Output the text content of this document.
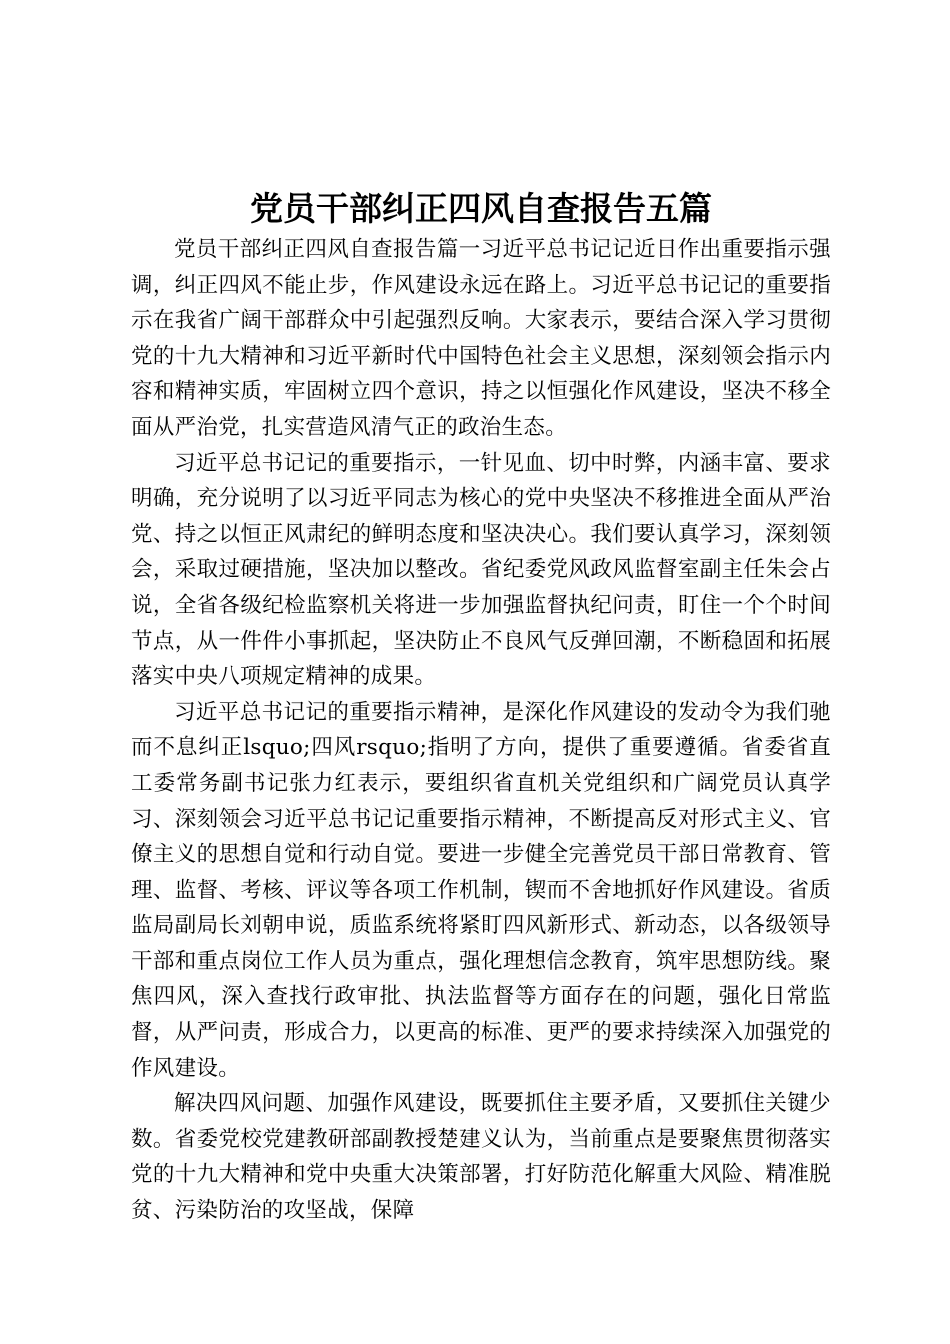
党员干部纠正四风自查报告五篇

党员干部纠正四风自查报告篇一习近平总书记记近日作出重要指示强调，纠正四风不能止步，作风建设永远在路上。习近平总书记记的重要指示在我省广阔干部群众中引起强烈反响。大家表示，要结合深入学习贯彻党的十九大精神和习近平新时代中国特色社会主义思想，深刻领会指示内容和精神实质，牢固树立四个意识，持之以恒强化作风建设，坚决不移全面从严治党，扎实营造风清气正的政治生态。

习近平总书记记的重要指示，一针见血、切中时弊，内涵丰富、要求明确，充分说明了以习近平同志为核心的党中央坚决不移推进全面从严治党、持之以恒正风肃纪的鲜明态度和坚决决心。我们要认真学习，深刻领会，采取过硬措施，坚决加以整改。省纪委党风政风监督室副主任朱会占说，全省各级纪检监察机关将进一步加强监督执纪问责，盯住一个个时间节点，从一件件小事抓起，坚决防止不良风气反弹回潮，不断稳固和拓展落实中央八项规定精神的成果。

习近平总书记记的重要指示精神，是深化作风建设的发动令为我们驰而不息纠正lsquo;四风rsquo;指明了方向，提供了重要遵循。省委省直工委常务副书记张力红表示，要组织省直机关党组织和广阔党员认真学习、深刻领会习近平总书记记重要指示精神，不断提高反对形式主义、官僚主义的思想自觉和行动自觉。要进一步健全完善党员干部日常教育、管理、监督、考核、评议等各项工作机制，锲而不舍地抓好作风建设。省质监局副局长刘朝申说，质监系统将紧盯四风新形式、新动态，以各级领导干部和重点岗位工作人员为重点，强化理想信念教育，筑牢思想防线。聚焦四风，深入查找行政审批、执法监督等方面存在的问题，强化日常监督，从严问责，形成合力，以更高的标准、更严的要求持续深入加强党的作风建设。

解决四风问题、加强作风建设，既要抓住主要矛盾，又要抓住关键少数。省委党校党建教研部副教授楚建义认为，当前重点是要聚焦贯彻落实党的十九大精神和党中央重大决策部署，打好防范化解重大风险、精准脱贫、污染防治的攻坚战，保障
